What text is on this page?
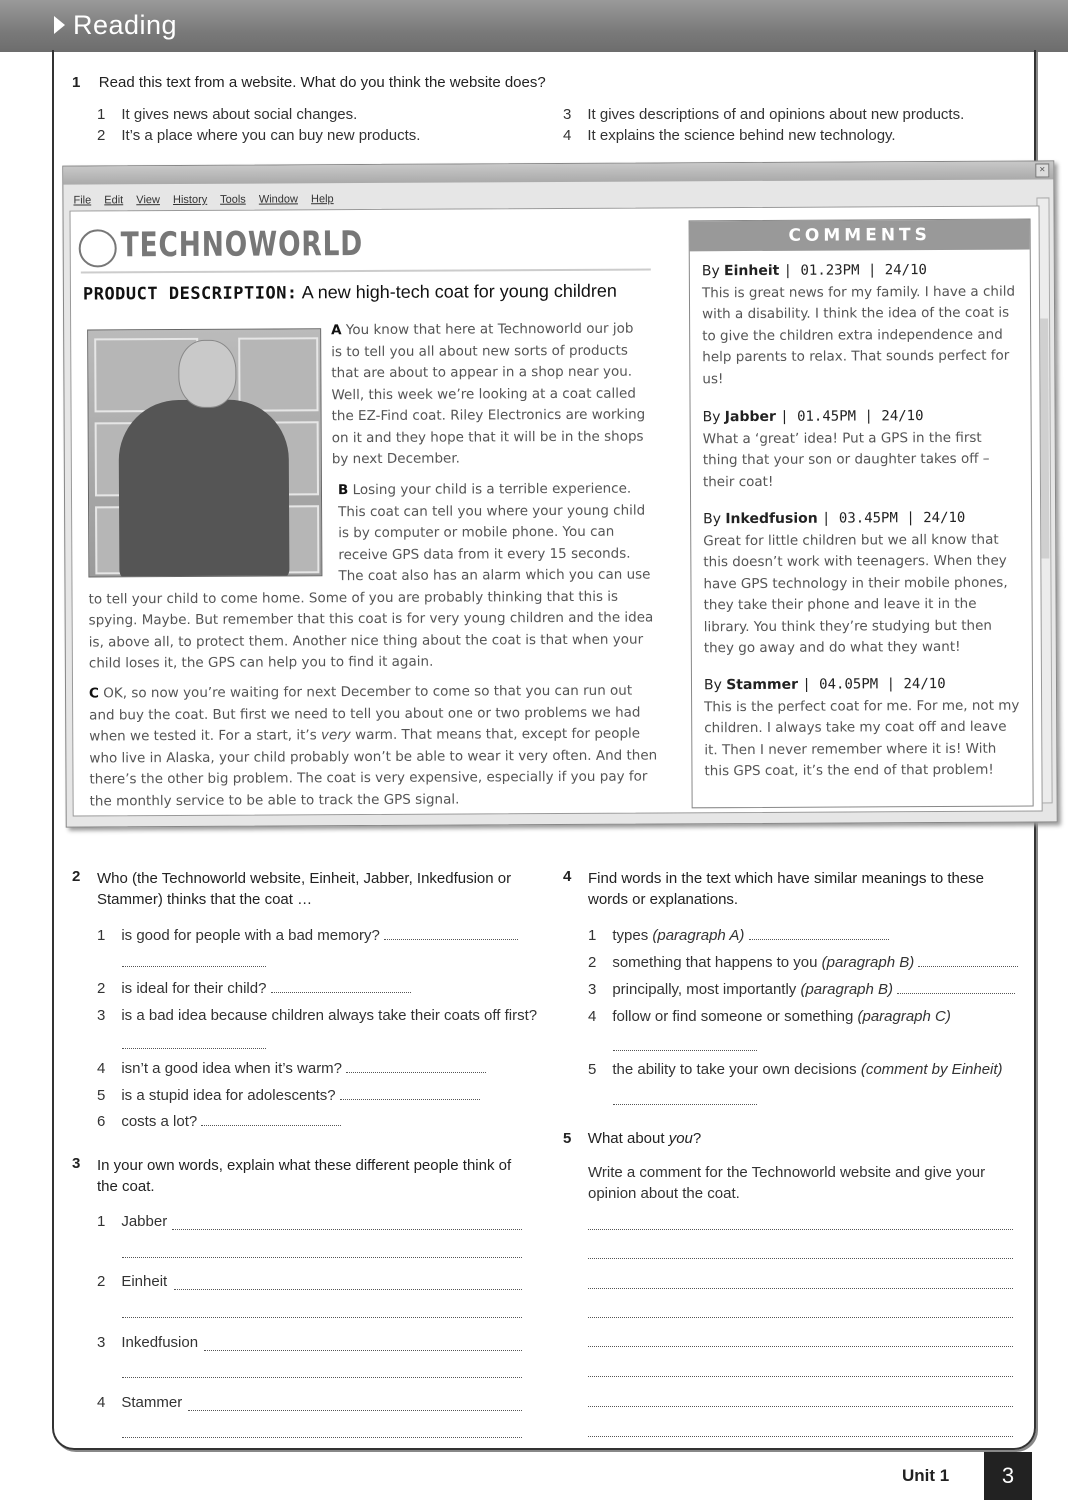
Reading
1 Read this text from a website. What do you think the website does?
1 It gives news about social changes.
2 It’s a place where you can buy new products.
3 It gives descriptions of and opinions about new products.
4 It explains the science behind new technology.
×
File Edit View History Tools Window Help
TECHNOWORLD
PRODUCT DESCRIPTION: A new high-tech coat for young children
A You know that here at Technoworld our job is to tell you all about new sorts of products that are about to appear in a shop near you. Well, this week we’re looking at a coat called the EZ-Find coat. Riley Electronics are working on it and they hope that it will be in the shops by next December.
B Losing your child is a terrible experience. This coat can tell you where your young child is by computer or mobile phone. You can receive GPS data from it every 15 seconds. The coat also has an alarm which you can use to tell your child to come home. Some of you are probably thinking that this is spying. Maybe. But remember that this coat is for very young children and the idea is, above all, to protect them. Another nice thing about the coat is that when your child loses it, the GPS can help you to find it again.
C OK, so now you’re waiting for next December to come so that you can run out and buy the coat. But first we need to tell you about one or two problems we had when we tested it. For a start, it’s very warm. That means that, except for people who live in Alaska, your child probably won’t be able to wear it very often. And then there’s the other big problem. The coat is very expensive, especially if you pay for the monthly service to be able to track the GPS signal.
COMMENTS
By Einheit | 01.23PM | 24/10
This is great news for my family. I have a child with a disability. I think the idea of the coat is to give the children extra independence and help parents to relax. That sounds perfect for us!
By Jabber | 01.45PM | 24/10
What a ‘great’ idea! Put a GPS in the first thing that your son or daughter takes off – their coat!
By Inkedfusion | 03.45PM | 24/10
Great for little children but we all know that this doesn’t work with teenagers. When they have GPS technology in their mobile phones, they take their phone and leave it in the library. You think they’re studying but then they go away and do what they want!
By Stammer | 04.05PM | 24/10
This is the perfect coat for me. For me, not my children. I always take my coat off and leave it. Then I never remember where it is! With this GPS coat, it’s the end of that problem!
2 Who (the Technoworld website, Einheit, Jabber, Inkedfusion or Stammer) thinks that the coat …
1 is good for people with a bad memory?
2 is ideal for their child?
3 is a bad idea because children always take their coats off first?
4 isn’t a good idea when it’s warm?
5 is a stupid idea for adolescents?
6 costs a lot?
3 In your own words, explain what these different people think of the coat.
1 Jabber
2 Einheit
3 Inkedfusion
4 Stammer
4 Find words in the text which have similar meanings to these words or explanations.
1 types (paragraph A)
2 something that happens to you (paragraph B)
3 principally, most importantly (paragraph B)
4 follow or find someone or something (paragraph C)
5 the ability to take your own decisions (comment by Einheit)
5 What about you?
Write a comment for the Technoworld website and give your opinion about the coat.
Unit 1	3
